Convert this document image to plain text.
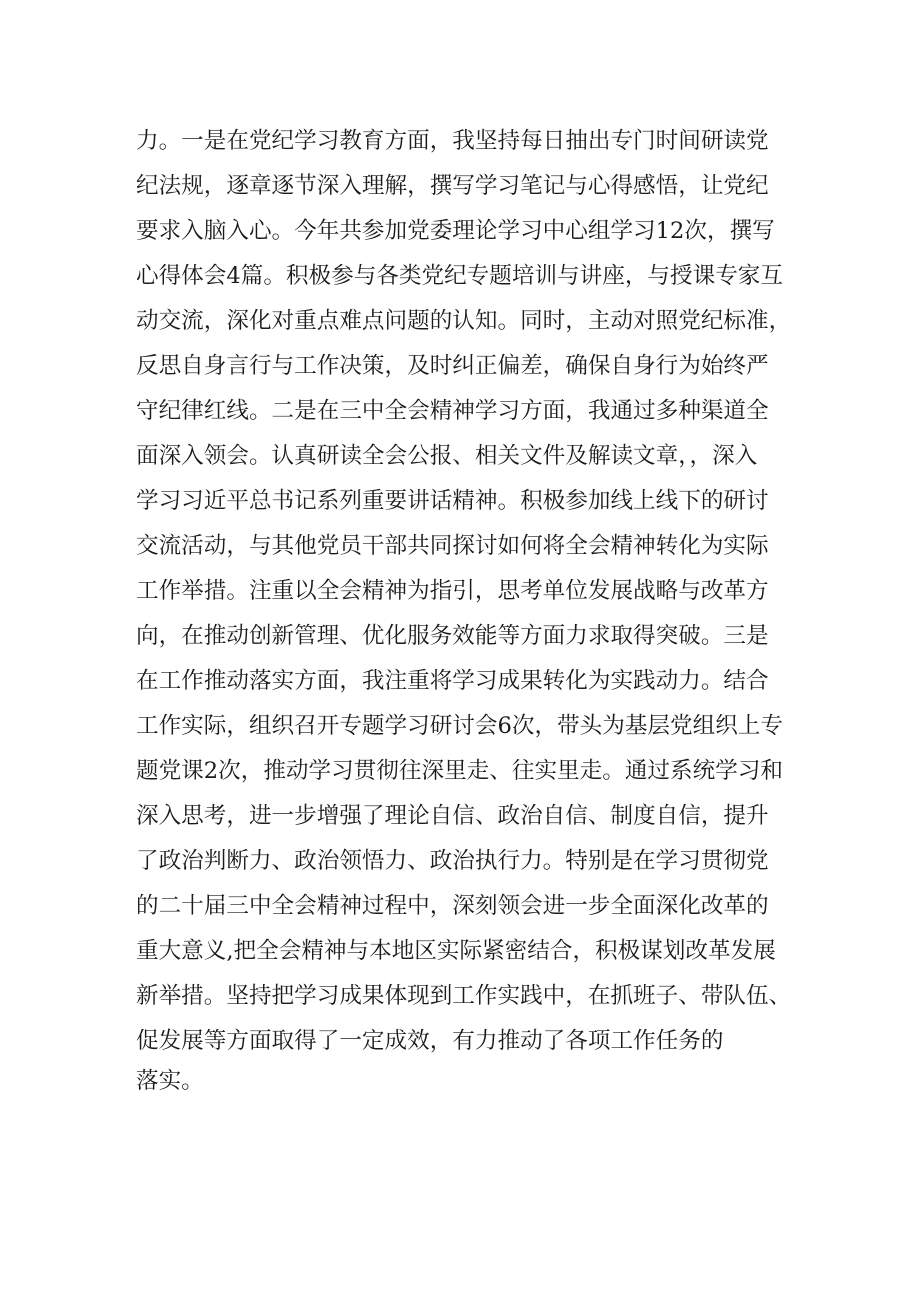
力。一是在党纪学习教育方面，我坚持每日抽出专门时间研读党
纪法规，逐章逐节深入理解，撰写学习笔记与心得感悟，让党纪
要求入脑入心。今年共参加党委理论学习中心组学习12次，撰写
心得体会4篇。积极参与各类党纪专题培训与讲座，与授课专家互
动交流，深化对重点难点问题的认知。同时，主动对照党纪标准，
反思自身言行与工作决策，及时纠正偏差，确保自身行为始终严
守纪律红线。二是在三中全会精神学习方面，我通过多种渠道全
面深入领会。认真研读全会公报、相关文件及解读文章，，深入
学习习近平总书记系列重要讲话精神。积极参加线上线下的研讨
交流活动，与其他党员干部共同探讨如何将全会精神转化为实际
工作举措。注重以全会精神为指引，思考单位发展战略与改革方
向，在推动创新管理、优化服务效能等方面力求取得突破。三是
在工作推动落实方面，我注重将学习成果转化为实践动力。结合
工作实际，组织召开专题学习研讨会6次，带头为基层党组织上专
题党课2次，推动学习贯彻往深里走、往实里走。通过系统学习和
深入思考，进一步增强了理论自信、政治自信、制度自信，提升
了政治判断力、政治领悟力、政治执行力。特别是在学习贯彻党
的二十届三中全会精神过程中，深刻领会进一步全面深化改革的
重大意义,把全会精神与本地区实际紧密结合，积极谋划改革发展
新举措。坚持把学习成果体现到工作实践中，在抓班子、带队伍、
促发展等方面取得了一定成效，有力推动了各项工作任务的
落实。
